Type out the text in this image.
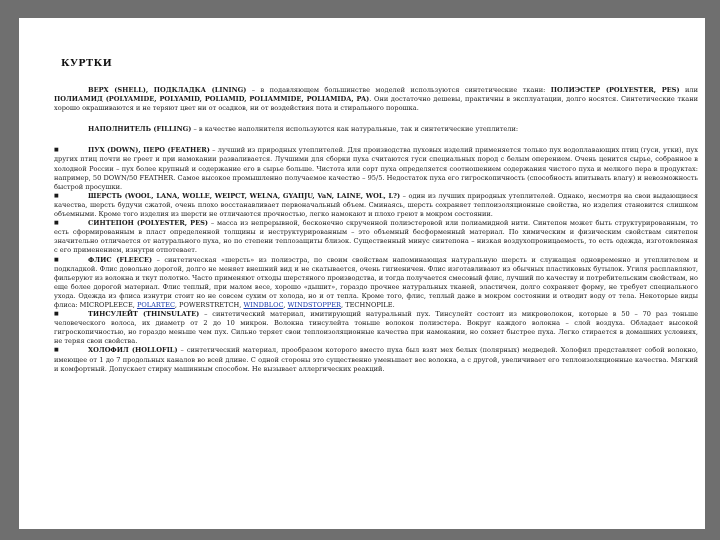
КУРТКИ

ВЕРХ (SHELL), ПОДКЛАДКА (LINING) – в подавляющем большинстве моделей используются синтетические ткани: ПОЛИЭСТЕР (POLYESTER, PES) или ПОЛИАМИД (POLYAMIDE, POLYAMID, POLIAMID, POLIAMMIDE, POLIAMIDA, PA). Они достаточно дешевы, практичны в эксплуатации, долго носятся. Синтетические ткани хорошо окрашиваются и не теряют цвет ни от осадков, ни от воздействия пота и стирального порошка.

НАПОЛНИТЕЛЬ (FILLING) – в качестве наполнителя используются как натуральные, так и синтетические утеплители:

■	ПУХ (DOWN), ПЕРО (FEATHER) – лучший из природных утеплителей. Для производства пуховых изделий применяется только пух водоплавающих птиц (гуси, утки), пух других птиц почти не греет и при намокании разваливается. Лучшими для сборки пуха считаются гуси специальных пород с белым оперением. Очень ценится сырье, собранное в холодной России – пух более крупный и содержание его в сырье больше. Чистота или сорт пуха определяется соотношением содержания чистого пуха и мелкого пера в продуктах: например, 50 DOWN/50 FEATHER. Самое высокое промышленно получаемое качество – 95/5. Недостаток пуха его гигроскопичность (способность впитывать влагу) и невозможность быстрой просушки.

■	ШЕРСТЬ (WOOL, LANA, WOLLE, WEIPCT, WELNA, GYAПJU, VaN, LAINE, WOL, L?) – один из лучших природных утеплителей. Однако, несмотря на свои выдающиеся качества, шерсть будучи сжатой, очень плохо восстанавливает первоначальный объем. Сминаясь, шерсть сохраняет теплоизоляционные свойства, но изделия становится слишком объемными. Кроме того изделия из шерсти не отличаются прочностью, легко намокают и плохо греют в мокром состоянии.

■	СИНТЕПОН (POLYESTER, PES) – масса из непрерывной, бесконечно скрученной полиэстеровой или полиамидной нити. Синтепон может быть структурированным, то есть сформированным в пласт определенной толщины и неструктурированным – это объемный бесформенный материал. По химическим и физическим свойствам синтепон значительно отличается от натурального пуха, но по степени теплозащиты близок. Существенный минус синтепона – низкая воздухопроницаемость, то есть одежда, изготовленная с его применением, изнутри отпотевает.

■	ФЛИС (FLEECE) – синтетическая «шерсть» из полиэстра, по своим свойствам напоминающая натуральную шерсть и служащая одновременно и утеплителем и подкладкой. Флис довольно дорогой, долго не меняет внешний вид и не скатывается, очень гигиеничен. Флис изготавливают из обычных пластиковых бутылок. Угиля расплавляют, фильеруют из волокна и ткут полотно. Часто применяют отходы шерстяного производства, и тогда получается смесовый флис, лучший по качеству и потребительским свойствам, но еще более дорогой материал. Флис теплый, при малом весе, хорошо «дышит», гораздо прочнее натуральных тканей, эластичен, долго сохраняет форму, не требует специального ухода. Одежда из флиса изнутри стоит но не совсем сухим от холода, но и от тепла. Кроме того, флис, теплый даже в мокром состоянии и отводит воду от тела. Некоторые виды флиса: MICROPLEECE, POLARTEC, POWERSTRETCH, WINDBLOC, WINDSTOPPER, TECHNOPILE.

■	ТИНСУЛЕЙТ (THINSULATE) – синтетический материал, имитирующий натуральный пух. Тинсулейт состоит из микроволокон, которые в 50 – 70 раз тоньше человеческого волоса, их диаметр от 2 до 10 микрон. Волокна тинсулейта тоньше волокон полиэстера. Вокруг каждого волокна – слой воздуха. Обладает высокой гигроскопичностью, но гораздо меньше чем пух. Сильно теряет свои теплоизоляционные качества при намокании, но сохнет быстрее пуха. Легко стирается в домашних условиях, не теряя свои свойства.

■	ХОЛОФИЛ (HOLLOFIL) – синтетический материал, прообразом которого вместо пуха был взят мех белых (полярных) медведей. Холофил представляет собой волокно, имеющее от 1 до 7 продольных каналов во всей длине. С одной стороны это существенно уменьшает вес волокна, а с другой, увеличивает его теплоизоляционные качества. Мягкий и комфортный. Допускает стирку машинным способом. Не вызывает аллергических реакций.
